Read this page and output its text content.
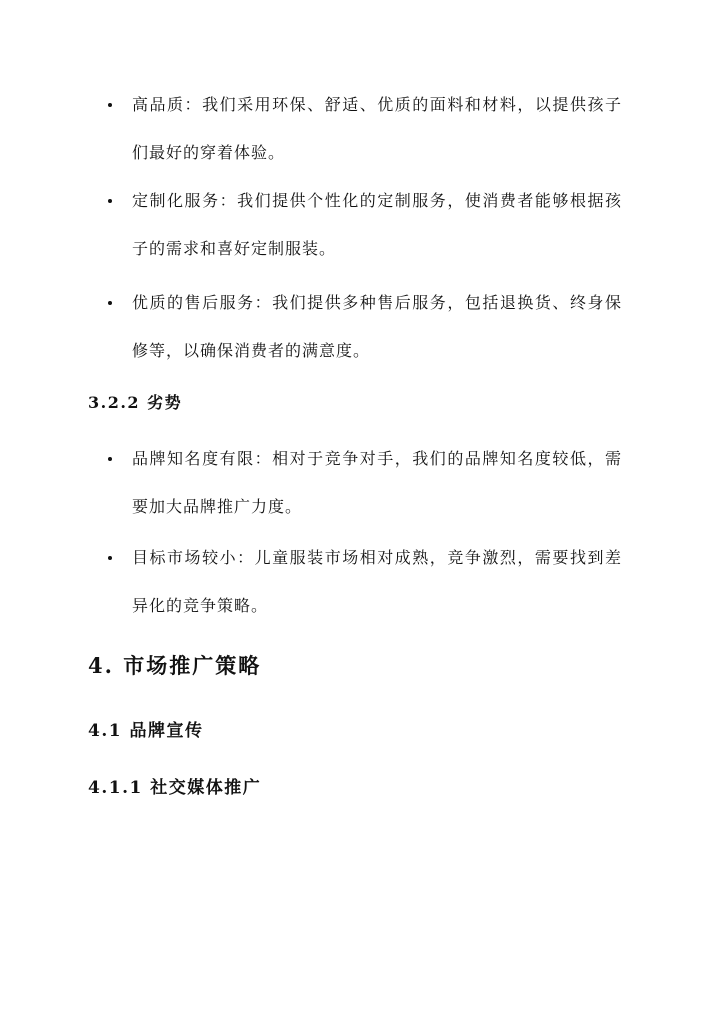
高品质：我们采用环保、舒适、优质的面料和材料，以提供孩子们最好的穿着体验。
定制化服务：我们提供个性化的定制服务，使消费者能够根据孩子的需求和喜好定制服装。
优质的售后服务：我们提供多种售后服务，包括退换货、终身保修等，以确保消费者的满意度。
3.2.2 劣势
品牌知名度有限：相对于竞争对手，我们的品牌知名度较低，需要加大品牌推广力度。
目标市场较小：儿童服装市场相对成熟，竞争激烈，需要找到差异化的竞争策略。
4. 市场推广策略
4.1 品牌宣传
4.1.1 社交媒体推广
